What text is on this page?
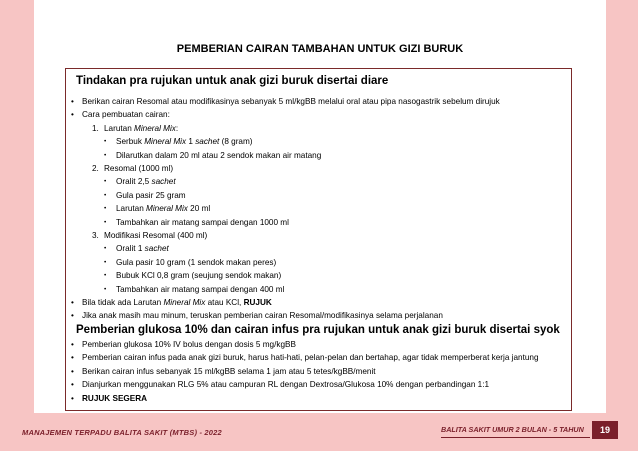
PEMBERIAN CAIRAN TAMBAHAN UNTUK GIZI BURUK
Tindakan pra rujukan untuk anak gizi buruk disertai diare
• Berikan cairan Resomal atau modifikasinya sebanyak 5 ml/kgBB melalui oral atau pipa nasogastrik sebelum dirujuk
• Cara pembuatan cairan:
1. Larutan Mineral Mix:
• Serbuk Mineral Mix 1 sachet (8 gram)
• Dilarutkan dalam 20 ml atau 2 sendok makan air matang
2. Resomal (1000 ml)
• Oralit 2,5 sachet
• Gula pasir 25 gram
• Larutan Mineral Mix 20 ml
• Tambahkan air matang sampai dengan 1000 ml
3. Modifikasi Resomal (400 ml)
• Oralit 1 sachet
• Gula pasir 10 gram (1 sendok makan peres)
• Bubuk KCl 0,8 gram (seujung sendok makan)
• Tambahkan air matang sampai dengan 400 ml
• Bila tidak ada Larutan Mineral Mix atau KCl, RUJUK
• Jika anak masih mau minum, teruskan pemberian cairan Resomal/modifikasinya selama perjalanan
Pemberian glukosa 10% dan cairan infus pra rujukan untuk anak gizi buruk disertai syok
• Pemberian glukosa 10% IV bolus dengan dosis 5 mg/kgBB
• Pemberian cairan infus pada anak gizi buruk, harus hati-hati, pelan-pelan dan bertahap, agar tidak memperberat kerja jantung
• Berikan cairan infus sebanyak 15 ml/kgBB selama 1 jam atau 5 tetes/kgBB/menit
• Dianjurkan menggunakan RLG 5% atau campuran RL dengan Dextrosa/Glukosa 10% dengan perbandingan 1:1
• RUJUK SEGERA
MANAJEMEN TERPADU BALITA SAKIT (MTBS) - 2022	BALITA SAKIT UMUR 2 BULAN - 5 TAHUN	19
